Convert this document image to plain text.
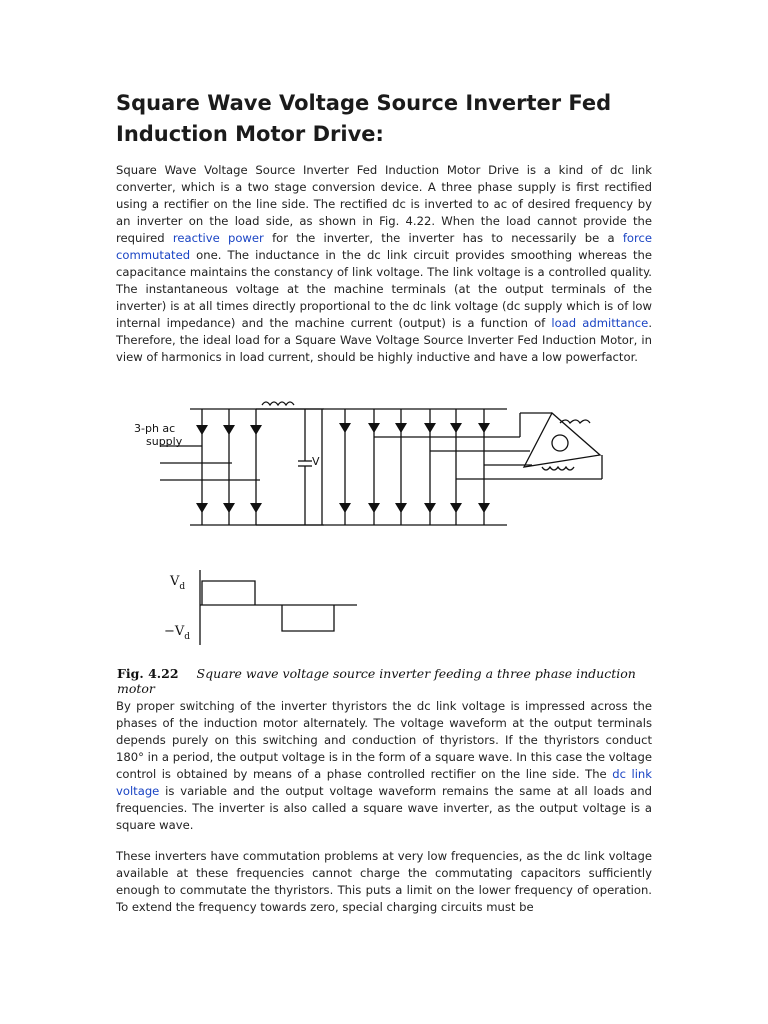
Square Wave Voltage Source Inverter Fed
Induction Motor Drive:

Square Wave Voltage Source Inverter Fed Induction Motor Drive is a kind of dc link converter, which is a two stage conversion device. A three phase supply is first rectified using a rectifier on the line side. The rectified dc is inverted to ac of desired frequency by an inverter on the load side, as shown in Fig. 4.22. When the load cannot provide the required reactive power for the inverter, the inverter has to necessarily be a force commutated one. The inductance in the dc link circuit provides smoothing whereas the capacitance maintains the constancy of link voltage. The link voltage is a controlled quality. The instantaneous voltage at the machine terminals (at the output terminals of the inverter) is at all times directly proportional to the dc link voltage (dc supply which is of low internal impedance) and the machine current (output) is a function of load admittance. Therefore, the ideal load for a Square Wave Voltage Source Inverter Fed Induction Motor, in view of harmonics in load current, should be highly inductive and have a low powerfactor.

3-ph ac
supply
V
$V_d$
$-V_d$
Fig. 4.22 Square wave voltage source inverter feeding a three phase induction motor

By proper switching of the inverter thyristors the dc link voltage is impressed across the phases of the induction motor alternately. The voltage waveform at the output terminals depends purely on this switching and conduction of thyristors. If the thyristors conduct 180° in a period, the output voltage is in the form of a square wave. In this case the voltage control is obtained by means of a phase controlled rectifier on the line side. The dc link voltage is variable and the output voltage waveform remains the same at all loads and frequencies. The inverter is also called a square wave inverter, as the output voltage is a square wave.

These inverters have commutation problems at very low frequencies, as the dc link voltage available at these frequencies cannot charge the commutating capacitors sufficiently enough to commutate the thyristors. This puts a limit on the lower frequency of operation. To extend the frequency towards zero, special charging circuits must be
